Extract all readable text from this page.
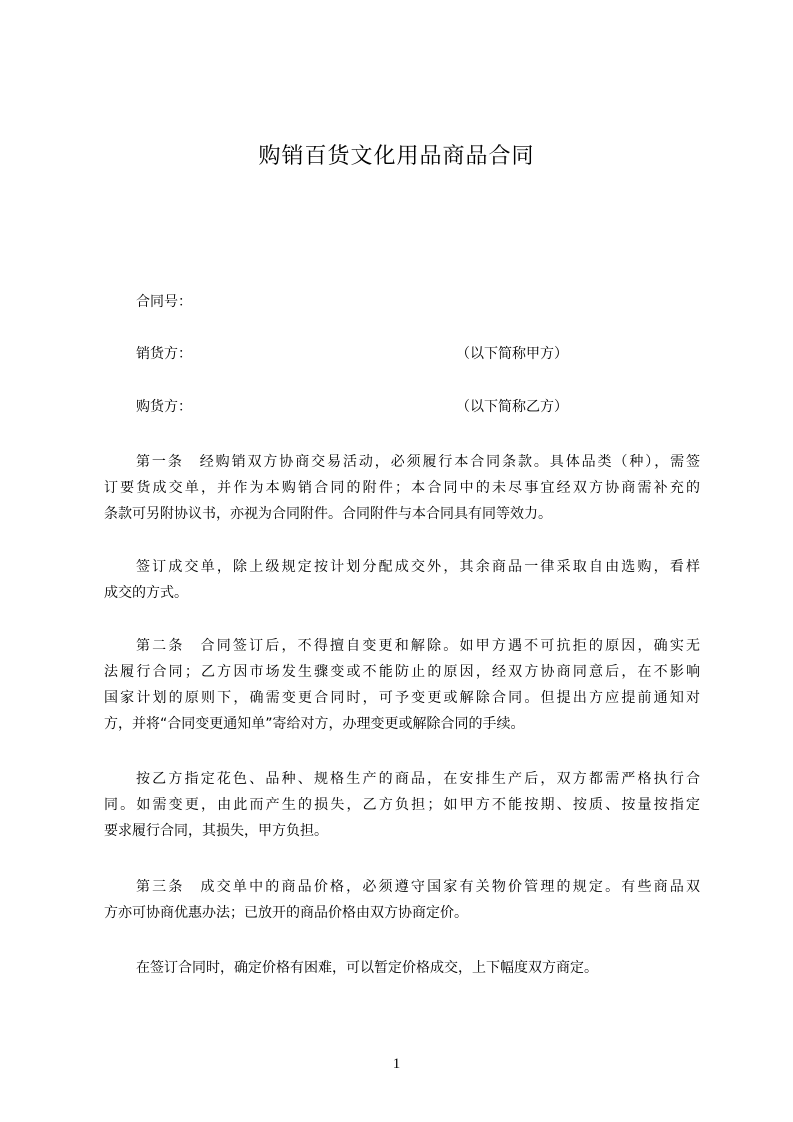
购销百货文化用品商品合同
合同号：
销货方：	（以下简称甲方）
购货方：	（以下简称乙方）
第一条 经购销双方协商交易活动，必须履行本合同条款。具体品类（种），需签
订要货成交单，并作为本购销合同的附件；本合同中的未尽事宜经双方协商需补充的
条款可另附协议书，亦视为合同附件。合同附件与本合同具有同等效力。
签订成交单，除上级规定按计划分配成交外，其余商品一律采取自由选购，看样
成交的方式。
第二条 合同签订后，不得擅自变更和解除。如甲方遇不可抗拒的原因，确实无
法履行合同；乙方因市场发生骤变或不能防止的原因，经双方协商同意后，在不影响
国家计划的原则下，确需变更合同时，可予变更或解除合同。但提出方应提前通知对
方，并将“合同变更通知单”寄给对方，办理变更或解除合同的手续。
按乙方指定花色、品种、规格生产的商品，在安排生产后，双方都需严格执行合
同。如需变更，由此而产生的损失，乙方负担；如甲方不能按期、按质、按量按指定
要求履行合同，其损失，甲方负担。
第三条 成交单中的商品价格，必须遵守国家有关物价管理的规定。有些商品双
方亦可协商优惠办法；已放开的商品价格由双方协商定价。
在签订合同时，确定价格有困难，可以暂定价格成交，上下幅度双方商定。
1
